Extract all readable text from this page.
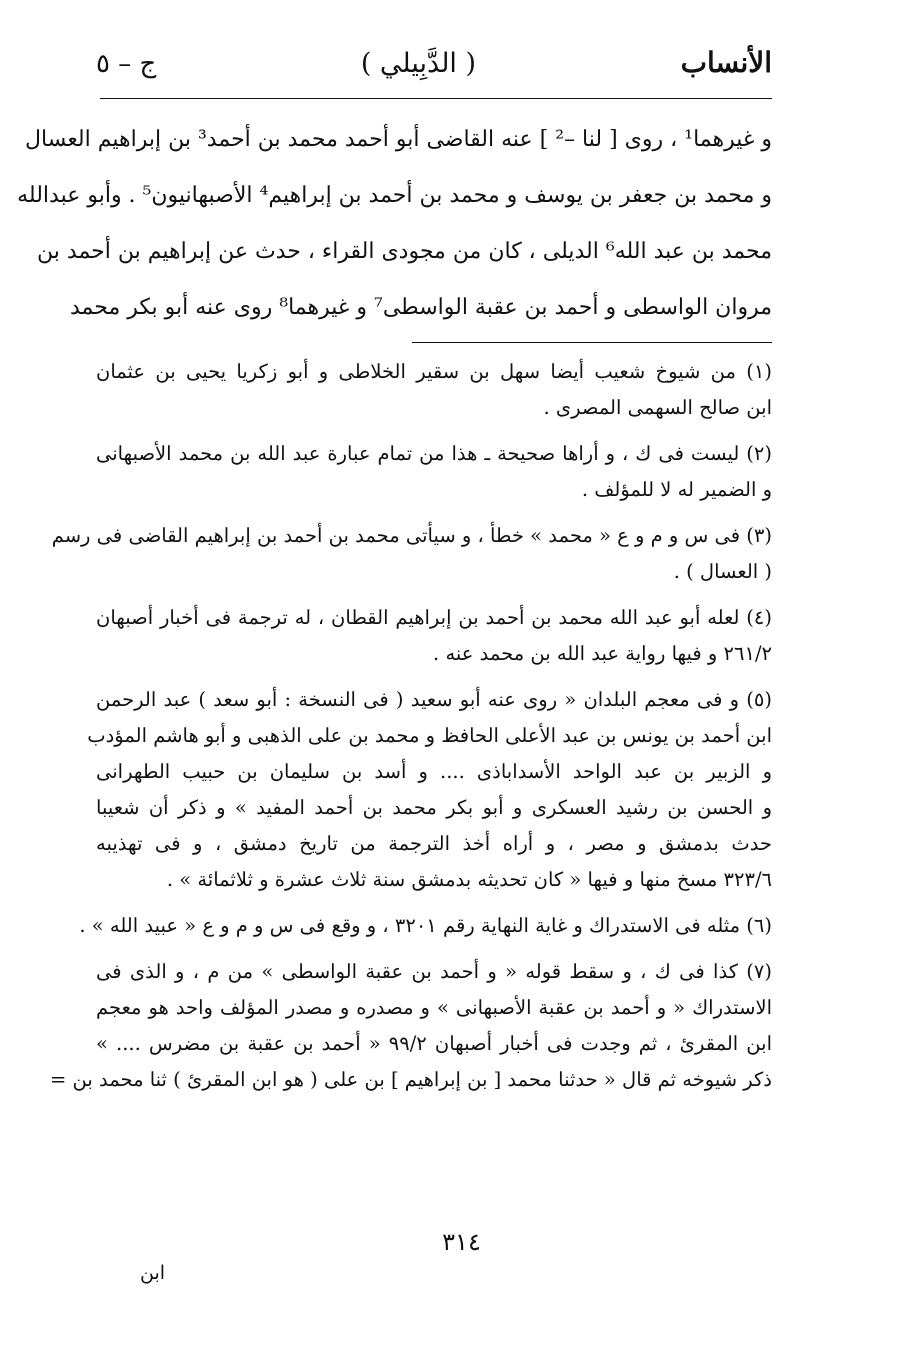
الأنساب
( الدَّبِيلي )
ج – ٥
و غيرهما¹ ، روى [ لنا –² ] عنه القاضى أبو أحمد محمد بن أحمد³ بن إبراهيم العسال
و محمد بن جعفر بن يوسف و محمد بن أحمد بن إبراهيم⁴ الأصبهانيون⁵ . وأبو عبدالله
محمد بن عبد الله⁶ الديلى ، كان من مجودى القراء ، حدث عن إبراهيم بن أحمد بن
مروان الواسطى و أحمد بن عقبة الواسطى⁷ و غيرهما⁸ روى عنه أبو بكر محمد
(١) من شيوخ شعيب أيضا سهل بن سقير الخلاطى و أبو زكريا يحيى بن عثمان
ابن صالح السهمى المصرى .
(٢) ليست فى ك ، و أراها صحيحة ـ هذا من تمام عبارة عبد الله بن محمد الأصبهانى
و الضمير له لا للمؤلف .
(٣) فى س و م و ع « محمد » خطأ ، و سيأتى محمد بن أحمد بن إبراهيم القاضى فى رسم
( العسال ) .
(٤) لعله أبو عبد الله محمد بن أحمد بن إبراهيم القطان ، له ترجمة فى أخبار أصبهان
٢٦١/٢ و فيها رواية عبد الله بن محمد عنه .
(٥) و فى معجم البلدان « روى عنه أبو سعيد ( فى النسخة : أبو سعد ) عبد الرحمن
ابن أحمد بن يونس بن عبد الأعلى الحافظ و محمد بن على الذهبى و أبو هاشم المؤدب
و الزبير بن عبد الواحد الأسداباذى .... و أسد بن سليمان بن حبيب الطهرانى
و الحسن بن رشيد العسكرى و أبو بكر محمد بن أحمد المفيد » و ذكر أن شعيبا
حدث بدمشق و مصر ، و أراه أخذ الترجمة من تاريخ دمشق ، و فى تهذيبه
٣٢٣/٦ مسخ منها و فيها « كان تحديثه بدمشق سنة ثلاث عشرة و ثلاثمائة » .
(٦) مثله فى الاستدراك و غاية النهاية رقم ٣٢٠١ ، و وقع فى س و م و ع « عبيد الله » .
(٧) كذا فى ك ، و سقط قوله « و أحمد بن عقبة الواسطى » من م ، و الذى فى
الاستدراك « و أحمد بن عقبة الأصبهانى » و مصدره و مصدر المؤلف واحد هو معجم
ابن المقرئ ، ثم وجدت فى أخبار أصبهان ٩٩/٢ « أحمد بن عقبة بن مضرس .... »
ذكر شيوخه ثم قال « حدثنا محمد [ بن إبراهيم ] بن على ( هو ابن المقرئ ) ثنا محمد بن =
٣١٤
ابن
